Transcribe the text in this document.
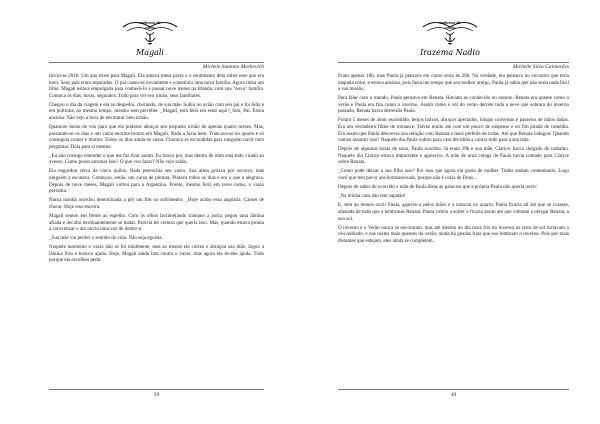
cadernos do
conto
Magali
Michele Santana Markovich

Inicio-se 2018. Um ano triste para Magali. Ela amava meus pares e o sentimento dela sobre esse ano era bom. Seus pais eram separados. O pai casou-se novamente e constituiu uma nova família. Agora tinha um filho. Magali estava empolgada para conhecê-lo e passar nove meses na Irlanda, com sua "nova" família. Contava os dias, horas, segundos. Tudo para ver seu irmão, seus familiares.

Chegou o dia da viagem e ela se despediu, chorando, de sua mãe. Subiu no avião com seu pai e foi feliz e em poltrona, ao mesmo tempo, mesmo sem perceber. _Magali, está feliz em estar aqui?_Sim, Pai. Estou ansiosa. Não vejo a hora de encontrar meu irmão.

Quatorze horas de voo para que ela pudesse abraçar seu pequeno irmão de apenas quatro meses. Mas, passaram-se os dias e um vazio enorme brotou em Magali. Nada a fazia bem. Trancava-se no quarto e só conseguia comer e dormir. Todos os dias ainda-se vazia. Chorava as escondidas para ninguém ouvir nem perguntar. Dóia para si mesma:

_Eu não consigo entender o que me faz ficar assim. Eu busco por, mas dentro de mim está tudo virado ao avesso. Como posso arrumar isso? O que vou fazer? Não vejo saída..

Ela engordou cerca de cinco quilos. Nada preenchia seu vazio. Sua alma gritava por socorro, mas ninguém a escutava. Começou, então, um curso de pintura. Pintava todos os dias e era o que a alegrava. Depois de nove meses, Magali voltou para a Argentina. Porém, mesmo feliz em rever todos, o vazio persistia.

Numa manhã acordou determinada a pôr um fim no sofrimento: _Hoje acabo essa angústia. Cansei de chorar. Hoje isso encerra.

Magali sentou em frente ao espelho. Com os olhos lacrimejando tranquei a porta, pegou uma lâmina afiada e decidiu terminantemente se matar. Parecia ter certeza que queria isso. Mas, quando estava pronta a concretizar o ato ouviu uma voz de dentro e:

_Sua mãe vai perder o sentido da vida. Não seja egoísta.

Naquele momento o vazio não se foi totalmente, mas ao menos ela correu e abraçou sua mãe. Jogou a lâmina fora e buscou ajuda. Hoje, Magali ainda luta contra o vazio, mas agora ela recebe ajuda. Tudo porque ela escolheu pedir.

39
cadernos do
conto
Irazema Nadio
Michelle Silva Guimarães

Eram apenas 10h, mas Paula já pensava em como seria às 20h. Na verdade, ela pensava no encontro que teria naquela noite, e estava ansiosa, pois fazia um tempo que seu melhor amigo, Paula já sabia que não seria nada fácil a sua missão.

Para falar com o mundo, Paula pensava em Renata. Haviam se conhecido no outono. Renata era quente como o verão e Paula era fria como o inverno. Assim como o sol do verão derrete toda a neve que sobrara do inverno passado, Renata havia derretido Paula.

Foram 5 meses de amor escondido, beijos baixos, abraços apertados, longas conversas e passeios de mãos dadas. Era um verdadeiro filme de romance. Talvez muito até com um pouco de suspense e no fim pitada de comédia. Era assim que Paula descrevia sua relação com Renata a mais perfeita de todas. Até que Renata indagou: Quando vamos assumir isso? Naquele dia Paula voltou para casa decidida a contar tudo para a sua mãe.

Depois de algumas horas de sono, Paula acordou. Já eram 19h e sua mãe, Clarice, havia chegado do trabalho. Naquele dia Clarice estava impaciente e agressiva. A mãe de uma colega de Paula havia contado para Clarice sobre Renata.

_Como pode deixar a sua filha isso? Por isso que agora ela gosta de mulher. Todos andam comentando. Logo você que tem pavor aos homossexuais, porque não é coisa de Deus...

Depois de saber do ocorrido a mãe de Paula disse as palavras que a própria Paula não queria ouvir:

_Na minha casa não tem sapatão!

E, sem ao menos ouvir Paula, agarrou-a pelos mãos e a trancou no quarto. Paula ficaria ali até que se curasse, afastada de tudo que a lembrasse Renata. Paula voltou a sofrer e ficaria assim até que voltasse a obrigar Renata, a sua sol.

O inverno e o Verão nunca se encontram, mas até mesmo no dia mais frio do inverno os raios de sol furtavam o céu nublado, e nas noites mais quentes do verão, ainda há geadas frias que nos lembram o inverno. Pois por mais distantes que estejam, eles ainda se completam..

40
